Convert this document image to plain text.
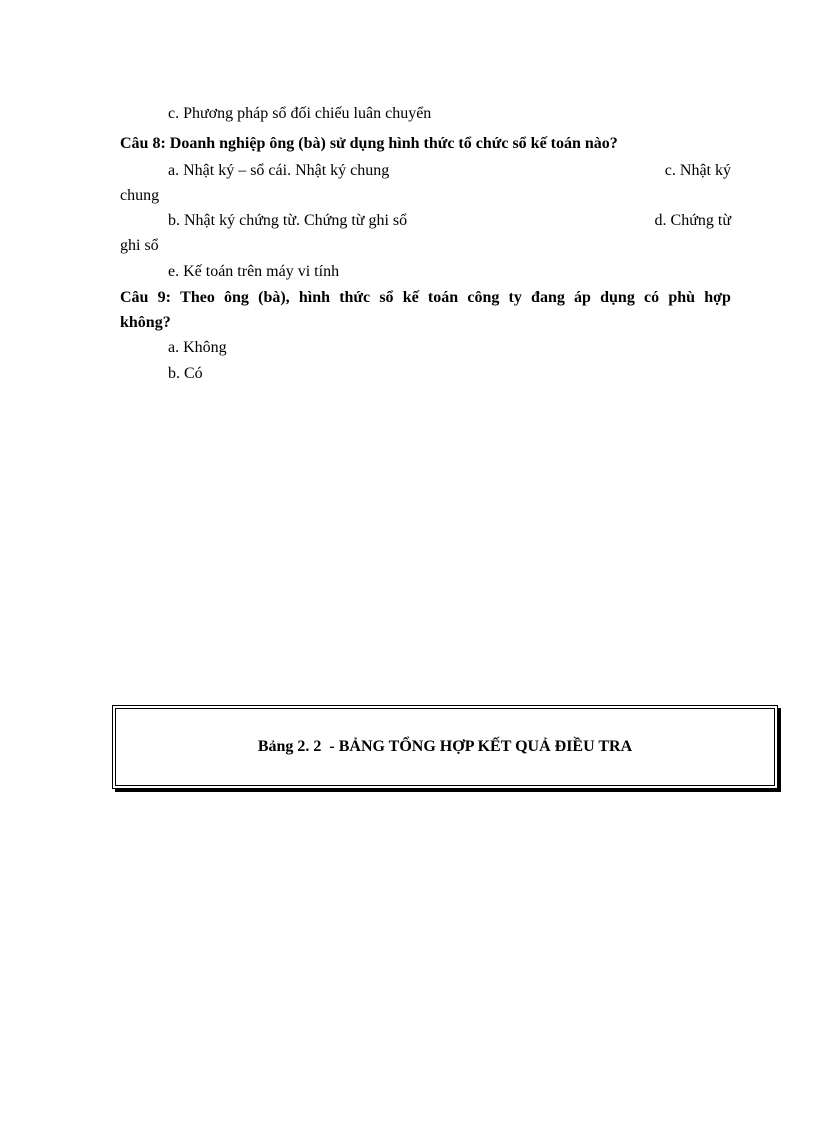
c. Phương pháp sổ đối chiếu luân chuyển
Câu 8: Doanh nghiệp ông (bà) sử dụng hình thức tổ chức sổ kế toán nào?
a. Nhật ký – sổ cái. Nhật ký chung	c. Nhật ký
chung
b. Nhật ký chứng từ. Chứng từ ghi sổ	d. Chứng từ
ghi sổ
e. Kế toán trên máy vi tính
Câu 9: Theo ông (bà), hình thức sổ kế toán công ty đang áp dụng có phù hợp
không?
a. Không
b. Có
Bảng 2. 2  - BẢNG TỔNG HỢP KẾT QUẢ ĐIỀU TRA
